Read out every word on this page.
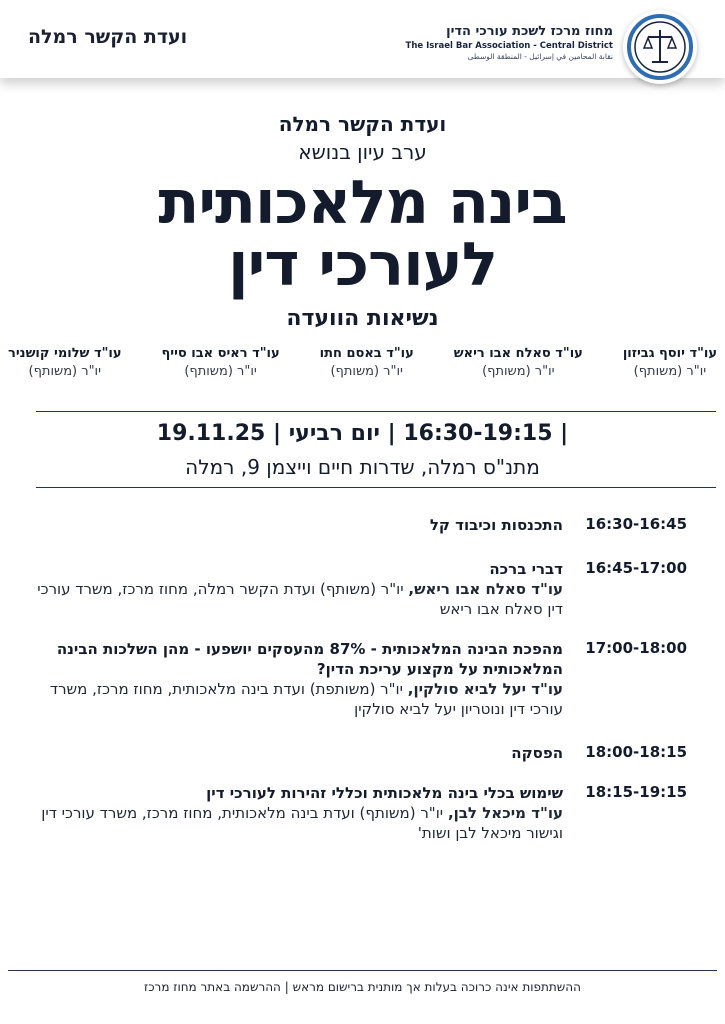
ועדת הקשר רמלה	מחוז מרכז לשכת עורכי הדין
The Israel Bar Association - Central District
نقابة المحامين في إسرائيل - المنطقة الوسطى
ועדת הקשר רמלה
ערב עיון בנושא
בינה מלאכותית
לעורכי דין
נשיאות הוועדה
עו"ד יוסף גביזון
יו"ר (משותף)
עו"ד סאלח אבו ריאש
יו"ר (משותף)
עו"ד באסם חתו
יו"ר (משותף)
עו"ד ראיס אבו סייף
יו"ר (משותף)
עו"ד שלומי קושניר
יו"ר (משותף)
| 16:30-19:15 | יום רביעי | 19.11.25
מתנ"ס רמלה, שדרות חיים וייצמן 9, רמלה
16:30-16:45
התכנסות וכיבוד קל
16:45-17:00
דברי ברכה
עו"ד סאלח אבו ריאש, יו"ר (משותף) ועדת הקשר רמלה, מחוז מרכז, משרד עורכי דין סאלח אבו ריאש
17:00-18:00
מהפכת הבינה המלאכותית - 87% מהעסקים יושפעו - מהן השלכות הבינה המלאכותית על מקצוע עריכת הדין?
עו"ד יעל לביא סולקין, יו"ר (משותפת) ועדת בינה מלאכותית, מחוז מרכז, משרד עורכי דין ונוטריון יעל לביא סולקין
18:00-18:15
הפסקה
18:15-19:15
שימוש בכלי בינה מלאכותית וכללי זהירות לעורכי דין
עו"ד מיכאל לבן, יו"ר (משותף) ועדת בינה מלאכותית, מחוז מרכז, משרד עורכי דין וגישור מיכאל לבן ושות'
ההשתתפות אינה כרוכה בעלות אך מותנית ברישום מראש | ההרשמה באתר מחוז מרכז
